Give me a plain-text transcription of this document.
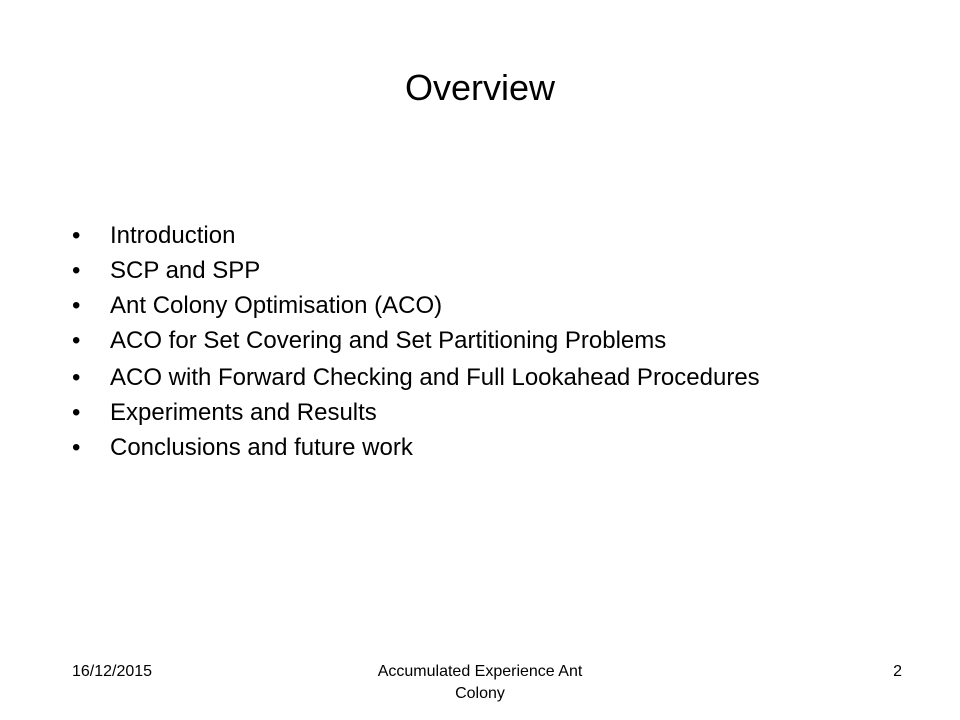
Overview
•	Introduction
•	SCP and SPP
•	Ant Colony Optimisation (ACO)
•	ACO for Set Covering and Set Partitioning Problems
•	ACO with Forward Checking and Full Lookahead Procedures
•	Experiments and Results
•	Conclusions and future work
16/12/2015	Accumulated Experience Ant
Colony
2
